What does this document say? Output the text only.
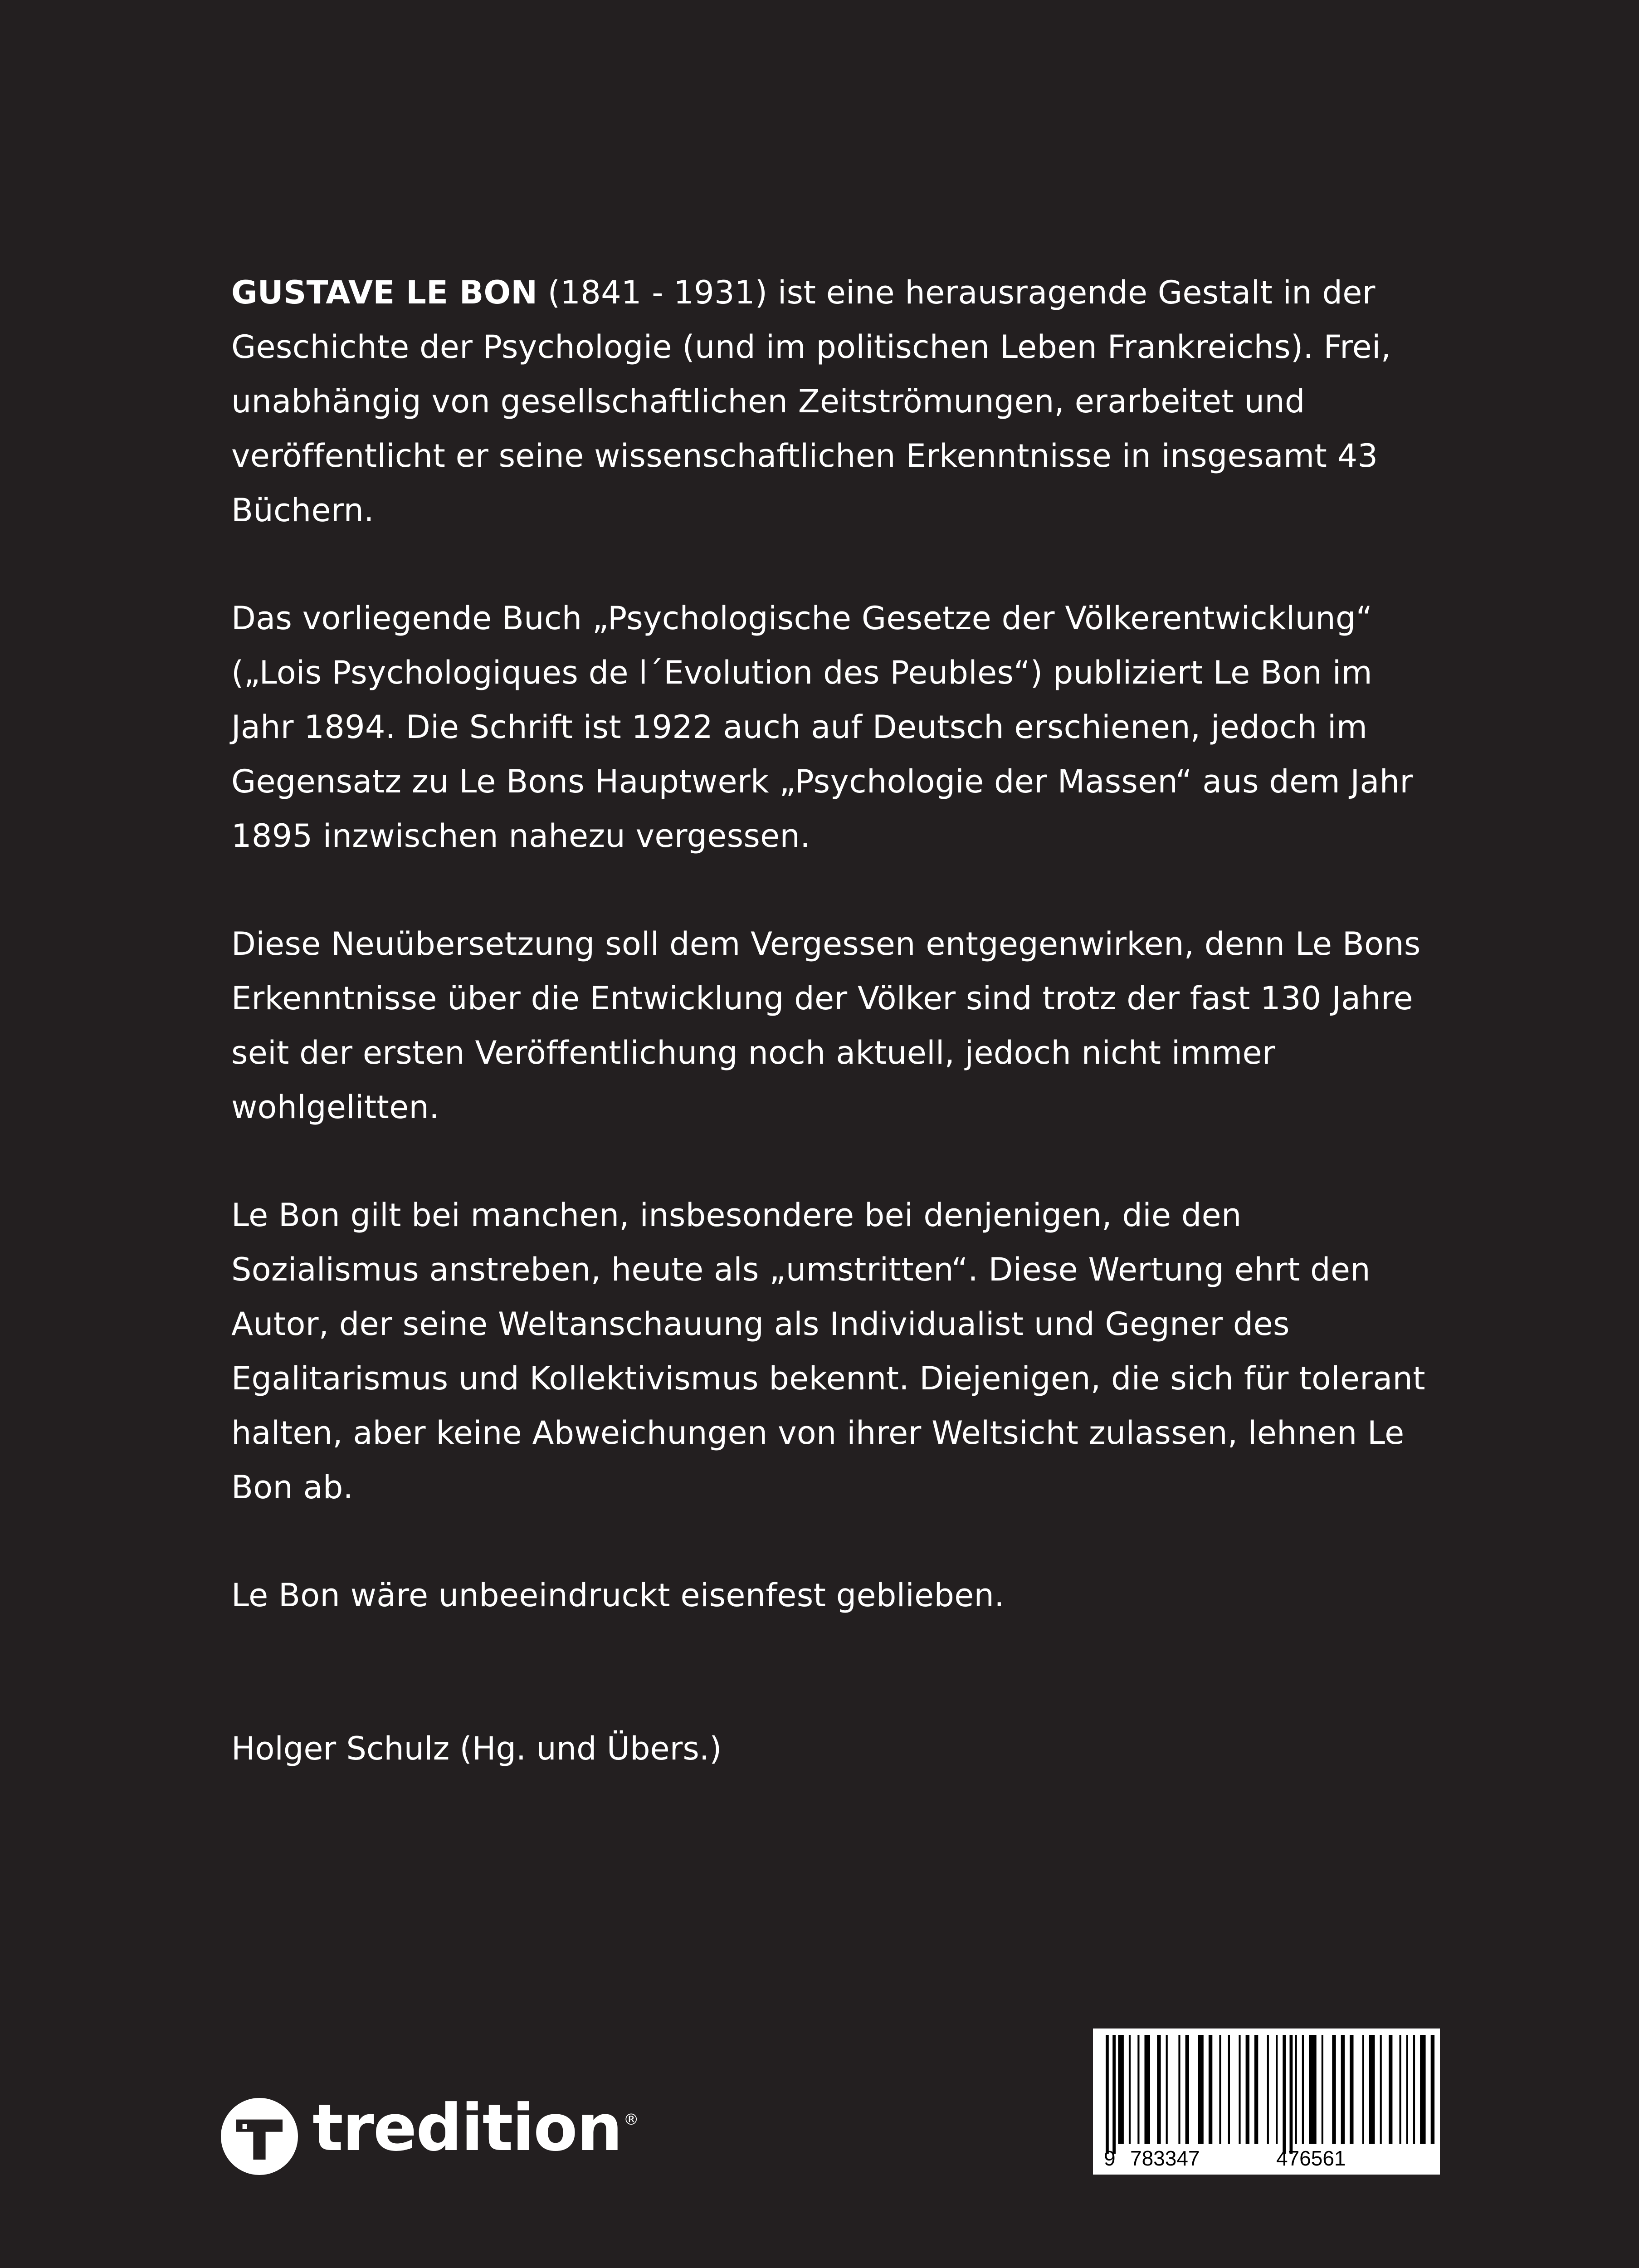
GUSTAVE LE BON (1841 - 1931) ist eine herausragende Gestalt in der Geschichte der Psychologie (und im politischen Leben Frankreichs). Frei, unabhängig von gesellschaftlichen Zeitströmungen, erarbeitet und veröffentlicht er seine wissenschaftlichen Erkenntnisse in insgesamt 43 Büchern.

Das vorliegende Buch „Psychologische Gesetze der Völkerentwicklung“ („Lois Psychologiques de l´Evolution des Peubles“) publiziert Le Bon im Jahr 1894. Die Schrift ist 1922 auch auf Deutsch erschienen, jedoch im Gegensatz zu Le Bons Hauptwerk „Psychologie der Massen“ aus dem Jahr 1895 inzwischen nahezu vergessen.

Diese Neuübersetzung soll dem Vergessen entgegenwirken, denn Le Bons Erkenntnisse über die Entwicklung der Völker sind trotz der fast 130 Jahre seit der ersten Veröffentlichung noch aktuell, jedoch nicht immer wohlgelitten.

Le Bon gilt bei manchen, insbesondere bei denjenigen, die den Sozialismus anstreben, heute als „umstritten“. Diese Wertung ehrt den Autor, der seine Weltanschauung als Individualist und Gegner des Egalitarismus und Kollektivismus bekennt. Diejenigen, die sich für tolerant halten, aber keine Abweichungen von ihrer Weltsicht zulassen, lehnen Le Bon ab.

Le Bon wäre unbeeindruckt eisenfest geblieben.

Holger Schulz (Hg. und Übers.)

tredition ®
9 783347	476561
